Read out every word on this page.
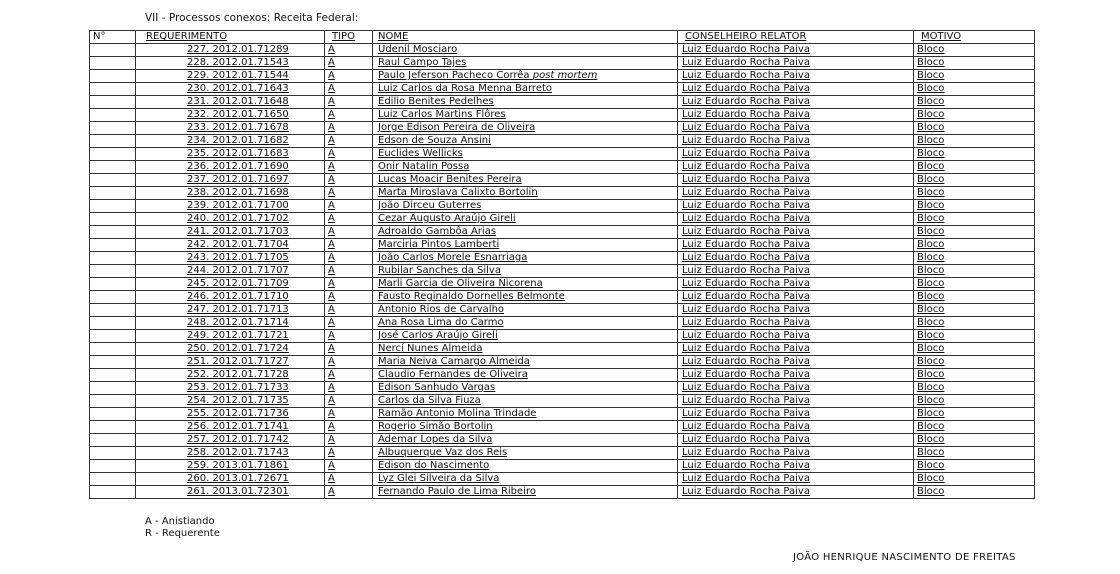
VII - Processos conexos: Receita Federal:
N°	REQUERIMENTO	TIPO	NOME	CONSELHEIRO RELATOR	MOTIVO
	227. 2012.01.71289	A	Udenil Mosciaro	Luiz Eduardo Rocha Paiva	Bloco
	228. 2012.01.71543	A	Raul Campo Tajes	Luiz Eduardo Rocha Paiva	Bloco
	229. 2012.01.71544	A	Paulo Jeferson Pacheco Corrêa post mortem	Luiz Eduardo Rocha Paiva	Bloco
	230. 2012.01.71643	A	Luiz Carlos da Rosa Menna Barreto	Luiz Eduardo Rocha Paiva	Bloco
	231. 2012.01.71648	A	Edilio Benites Pedelhes	Luiz Eduardo Rocha Paiva	Bloco
	232. 2012.01.71650	A	Luiz Carlos Martins Flôres	Luiz Eduardo Rocha Paiva	Bloco
	233. 2012.01.71678	A	Jorge Edison Pereira de Oliveira	Luiz Eduardo Rocha Paiva	Bloco
	234. 2012.01.71682	A	Edson de Souza Ansini	Luiz Eduardo Rocha Paiva	Bloco
	235. 2012.01.71683	A	Euclides Wellicks	Luiz Eduardo Rocha Paiva	Bloco
	236. 2012.01.71690	A	Onir Natalin Possa	Luiz Eduardo Rocha Paiva	Bloco
	237. 2012.01.71697	A	Lucas Moacir Benites Pereira	Luiz Eduardo Rocha Paiva	Bloco
	238. 2012.01.71698	A	Marta Miroslava Calixto Bortolin	Luiz Eduardo Rocha Paiva	Bloco
	239. 2012.01.71700	A	João Dirceu Guterres	Luiz Eduardo Rocha Paiva	Bloco
	240. 2012.01.71702	A	Cezar Augusto Araújo Gireli	Luiz Eduardo Rocha Paiva	Bloco
	241. 2012.01.71703	A	Adroaldo Gambôa Arias	Luiz Eduardo Rocha Paiva	Bloco
	242. 2012.01.71704	A	Marciria Pintos Lamberti	Luiz Eduardo Rocha Paiva	Bloco
	243. 2012.01.71705	A	João Carlos Morele Esnarriaga	Luiz Eduardo Rocha Paiva	Bloco
	244. 2012.01.71707	A	Rubilar Sanches da Silva	Luiz Eduardo Rocha Paiva	Bloco
	245. 2012.01.71709	A	Marli Garcia de Oliveira Nicorena	Luiz Eduardo Rocha Paiva	Bloco
	246. 2012.01.71710	A	Fausto Reginaldo Dornelles Belmonte	Luiz Eduardo Rocha Paiva	Bloco
	247. 2012.01.71713	A	Antonio Rios de Carvalho	Luiz Eduardo Rocha Paiva	Bloco
	248. 2012.01.71714	A	Ana Rosa Lima do Carmo	Luiz Eduardo Rocha Paiva	Bloco
	249. 2012.01.71721	A	José Carlos Araújo Gireli	Luiz Eduardo Rocha Paiva	Bloco
	250. 2012.01.71724	A	Nercí Nunes Almeida	Luiz Eduardo Rocha Paiva	Bloco
	251. 2012.01.71727	A	Maria Neiva Camargo Almeida	Luiz Eduardo Rocha Paiva	Bloco
	252. 2012.01.71728	A	Claudio Fernandes de Oliveira	Luiz Eduardo Rocha Paiva	Bloco
	253. 2012.01.71733	A	Edison Sanhudo Vargas	Luiz Eduardo Rocha Paiva	Bloco
	254. 2012.01.71735	A	Carlos da Silva Fiuza	Luiz Eduardo Rocha Paiva	Bloco
	255. 2012.01.71736	A	Ramão Antonio Molina Trindade	Luiz Eduardo Rocha Paiva	Bloco
	256. 2012.01.71741	A	Rogerio Simão Bortolin	Luiz Eduardo Rocha Paiva	Bloco
	257. 2012.01.71742	A	Ademar Lopes da Silva	Luiz Eduardo Rocha Paiva	Bloco
	258. 2012.01.71743	A	Albuquerque Vaz dos Reis	Luiz Eduardo Rocha Paiva	Bloco
	259. 2013.01.71861	A	Edison do Nascimento	Luiz Eduardo Rocha Paiva	Bloco
	260. 2013.01.72671	A	Lyz Glei Silveira da Silva	Luiz Eduardo Rocha Paiva	Bloco
	261. 2013.01.72301	A	Fernando Paulo de Lima Ribeiro	Luiz Eduardo Rocha Paiva	Bloco
A - Anistiando
R - Requerente
JOÃO HENRIQUE NASCIMENTO DE FREITAS
